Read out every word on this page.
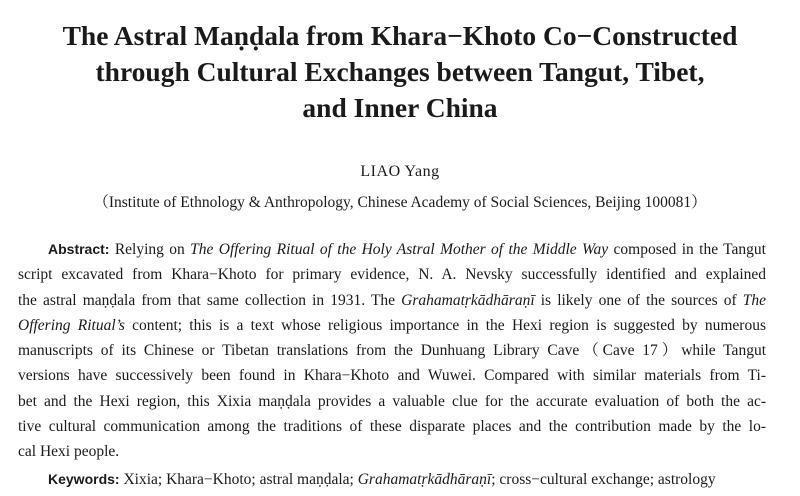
The Astral Maṇḍala from Khara−Khoto Co−Constructed
through Cultural Exchanges between Tangut, Tibet,
and Inner China
LIAO Yang
（Institute of Ethnology & Anthropology, Chinese Academy of Social Sciences, Beijing 100081）
Abstract: Relying on The Offering Ritual of the Holy Astral Mother of the Middle Way composed in the Tangut
script excavated from Khara−Khoto for primary evidence, N. A. Nevsky successfully identified and explained
the astral maṇḍala from that same collection in 1931. The Grahamatṛkādhāraṇī is likely one of the sources of The
Offering Ritual’s content; this is a text whose religious importance in the Hexi region is suggested by numerous
manuscripts of its Chinese or Tibetan translations from the Dunhuang Library Cave（Cave 17）while Tangut
versions have successively been found in Khara−Khoto and Wuwei. Compared with similar materials from Ti-
bet and the Hexi region, this Xixia maṇḍala provides a valuable clue for the accurate evaluation of both the ac-
tive cultural communication among the traditions of these disparate places and the contribution made by the lo-
cal Hexi people.
Keywords: Xixia; Khara−Khoto; astral maṇḍala; Grahamatṛkādhāraṇī; cross−cultural exchange; astrology
